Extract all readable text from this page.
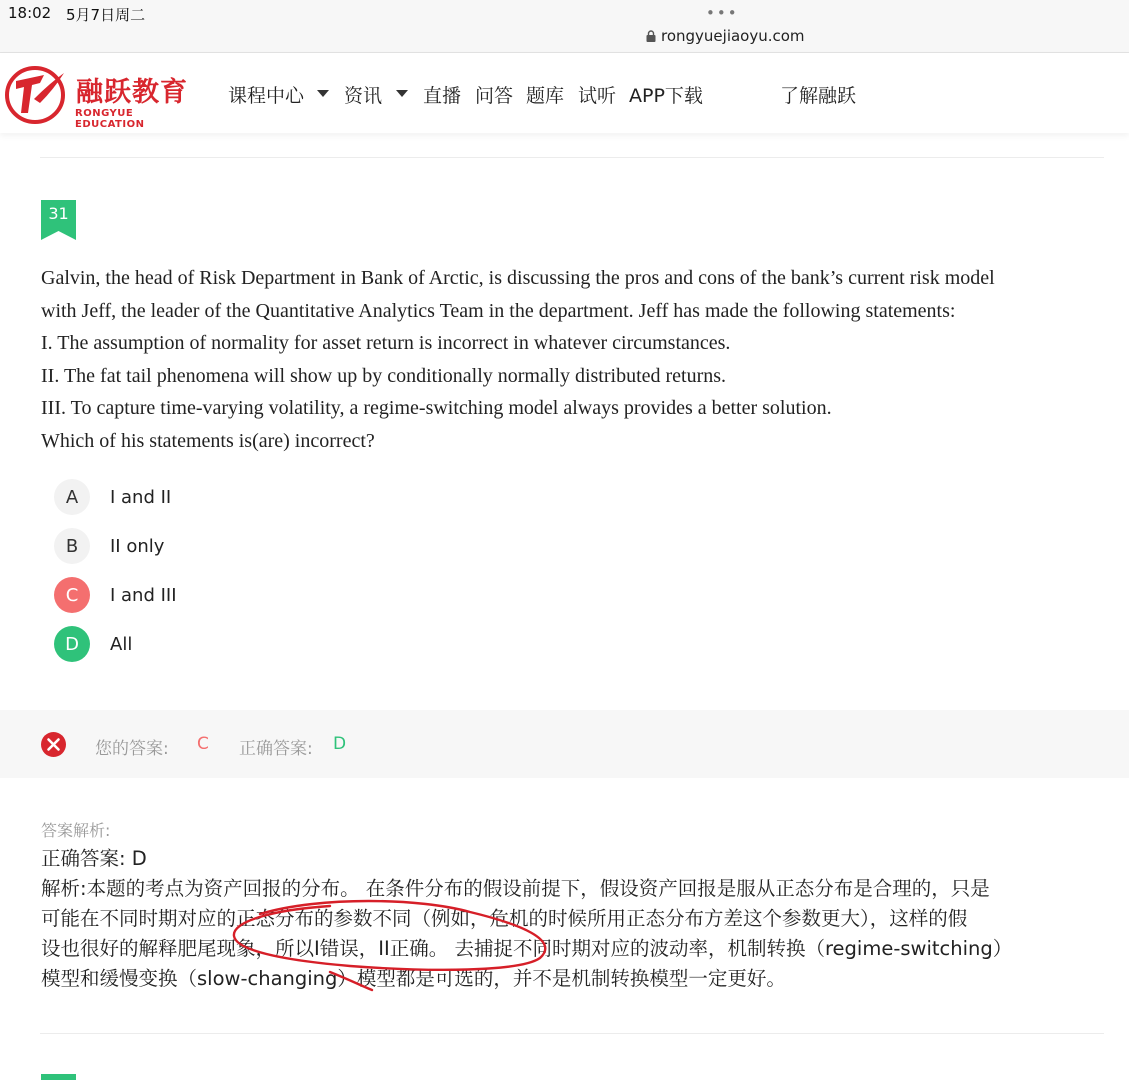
18:02 5月7日周二	•••
rongyuejiaoyu.com
融跃教育
RONGYUE EDUCATION
课程中心 资讯 直播 问答 题库 试听 APP下载	了解融跃
31

Galvin, the head of Risk Department in Bank of Arctic, is discussing the pros and cons of the bank’s current risk model

with Jeff, the leader of the Quantitative Analytics Team in the department. Jeff has made the following statements:

I. The assumption of normality for asset return is incorrect in whatever circumstances.

II. The fat tail phenomena will show up by conditionally normally distributed returns.

III. To capture time-varying volatility, a regime-switching model always provides a better solution.

Which of his statements is(are) incorrect?

A	I and II
B	II only
C	I and III
D	All
您的答案: C 正确答案: D
答案解析:

正确答案: D

解析:本题的考点为资产回报的分布。 在条件分布的假设前提下，假设资产回报是服从正态分布是合理的，只是

可能在不同时期对应的正态分布的参数不同（例如，危机的时候所用正态分布方差这个参数更大），这样的假

设也很好的解释肥尾现象，所以I错误，II正确。 去捕捉不同时期对应的波动率，机制转换（regime-switching）

模型和缓慢变换（slow-changing）模型都是可选的，并不是机制转换模型一定更好。
